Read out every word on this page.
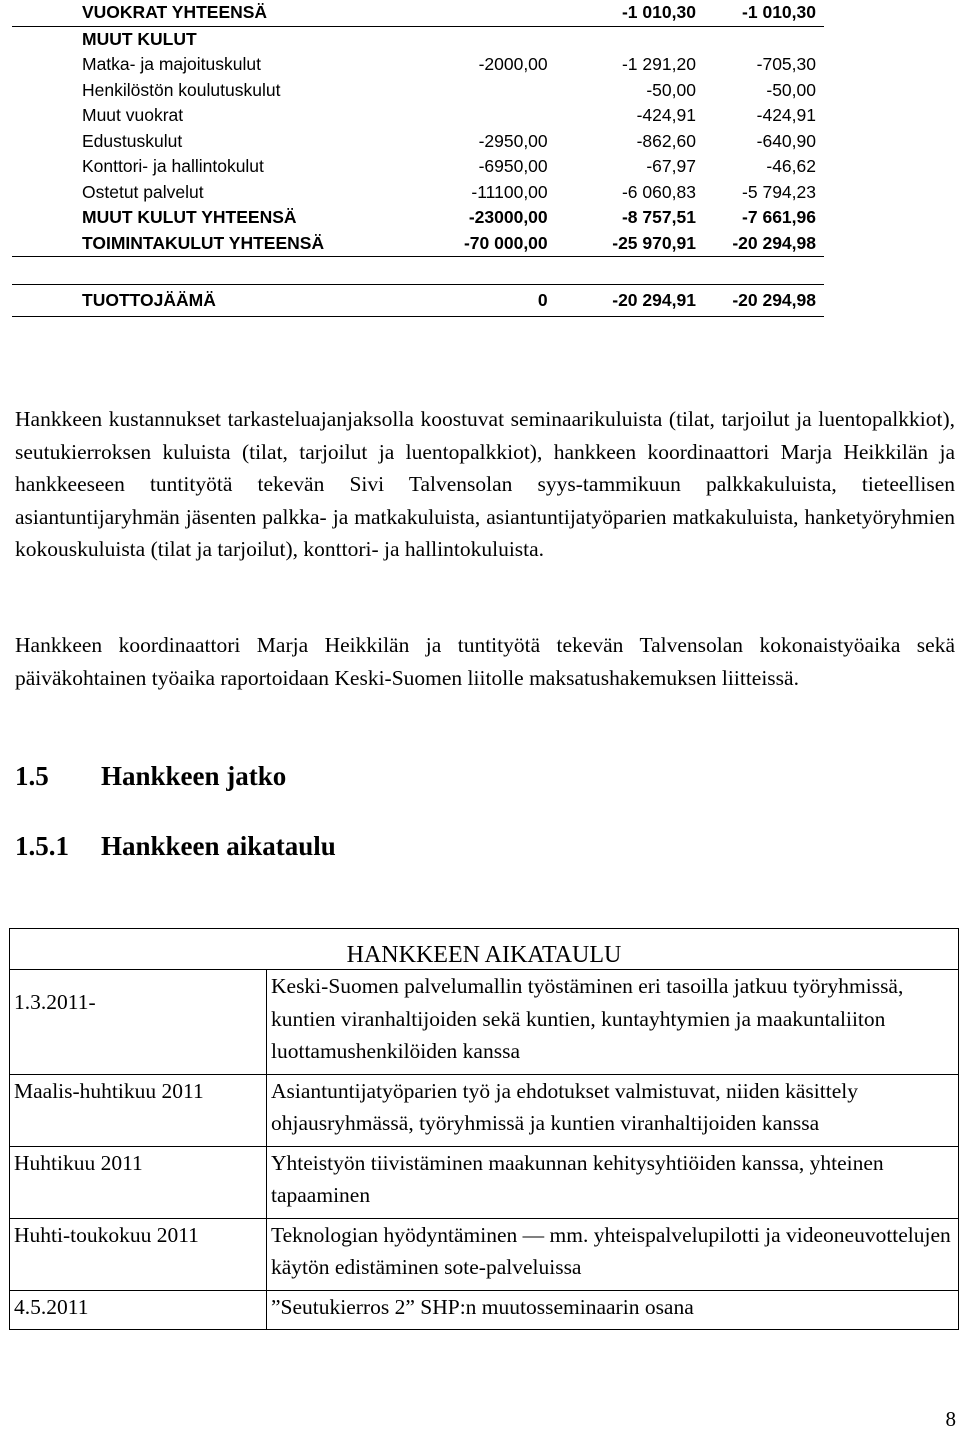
VUOKRAT YHTEENSÄ		-1 010,30	-1 010,30
MUUT KULUT			
Matka- ja majoituskulut	-2000,00	-1 291,20	-705,30
Henkilöstön koulutuskulut		-50,00	-50,00
Muut vuokrat		-424,91	-424,91
Edustuskulut	-2950,00	-862,60	-640,90
Konttori- ja hallintokulut	-6950,00	-67,97	-46,62
Ostetut palvelut	-11100,00	-6 060,83	-5 794,23
MUUT KULUT YHTEENSÄ	-23000,00	-8 757,51	-7 661,96
TOIMINTAKULUT YHTEENSÄ	-70 000,00	-25 970,91	-20 294,98

TUOTTOJÄÄMÄ	0	-20 294,91	-20 294,98

Hankkeen kustannukset tarkasteluajanjaksolla koostuvat seminaarikuluista (tilat, tarjoilut ja luentopalkkiot), seutukierroksen kuluista (tilat, tarjoilut ja luentopalkkiot), hankkeen koordinaattori Marja Heikkilän ja hankkeeseen tuntityötä tekevän Sivi Talvensolan syys-tammikuun palkkakuluista, tieteellisen asiantuntijaryhmän jäsenten palkka- ja matkakuluista, asiantuntijatyöparien matkakuluista, hanketyöryhmien kokouskuluista (tilat ja tarjoilut), konttori- ja hallintokuluista.

Hankkeen koordinaattori Marja Heikkilän ja tuntityötä tekevän Talvensolan kokonaistyöaika sekä päiväkohtainen työaika raportoidaan Keski-Suomen liitolle maksatushakemuksen liitteissä.

1.5 Hankkeen jatko
1.5.1 Hankkeen aikataulu
HANKKEEN AIKATAULU	
1.3.2011-	Keski-Suomen palvelumallin työstäminen eri tasoilla jatkuu työryhmissä, kuntien viranhaltijoiden sekä kuntien, kuntayhtymien ja maakuntaliiton luottamushenkilöiden kanssa
Maalis-huhtikuu 2011	Asiantuntijatyöparien työ ja ehdotukset valmistuvat, niiden käsittely ohjausryhmässä, työryhmissä ja kuntien viranhaltijoiden kanssa
Huhtikuu 2011	Yhteistyön tiivistäminen maakunnan kehitysyhtiöiden kanssa, yhteinen tapaaminen
Huhti-toukokuu 2011	Teknologian hyödyntäminen — mm. yhteispalvelupilotti ja videoneuvottelujen käytön edistäminen sote-palveluissa
4.5.2011	”Seutukierros 2” SHP:n muutosseminaarin osana
8
